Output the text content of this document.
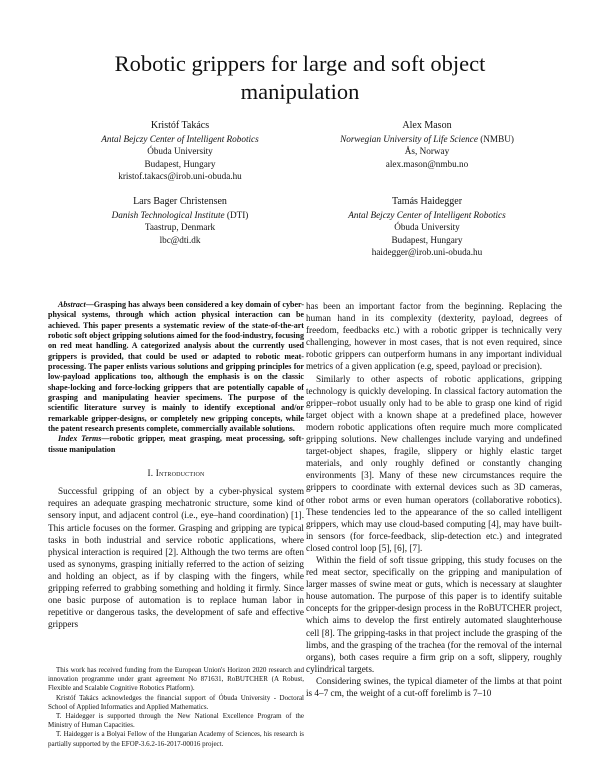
Robotic grippers for large and soft object
manipulation
Kristóf Takács
Antal Bejczy Center of Intelligent Robotics
Óbuda University
Budapest, Hungary
kristof.takacs@irob.uni-obuda.hu
Alex Mason
Norwegian University of Life Science (NMBU)
Ås, Norway
alex.mason@nmbu.no
Lars Bager Christensen
Danish Technological Institute (DTI)
Taastrup, Denmark
lbc@dti.dk
Tamás Haidegger
Antal Bejczy Center of Intelligent Robotics
Óbuda University
Budapest, Hungary
haidegger@irob.uni-obuda.hu

Abstract—Grasping has always been considered a key domain of cyber-physical systems, through which action physical interaction can be achieved. This paper presents a systematic review of the state-of-the-art robotic soft object gripping solutions aimed for the food-industry, focusing on red meat handling. A categorized analysis about the currently used grippers is provided, that could be used or adapted to robotic meat-processing. The paper enlists various solutions and gripping principles for low-payload applications too, although the emphasis is on the classic shape-locking and force-locking grippers that are potentially capable of grasping and manipulating heavier specimens. The purpose of the scientific literature survey is mainly to identify exceptional and/or remarkable gripper-designs, or completely new gripping concepts, while the patent research presents complete, commercially available solutions.

Index Terms—robotic gripper, meat grasping, meat processing, soft-tissue manipulation

I. Introduction

Successful gripping of an object by a cyber-physical system requires an adequate grasping mechatronic structure, some kind of sensory input, and adjacent control (i.e., eye–hand coordination) [1]. This article focuses on the former. Grasping and gripping are typical tasks in both industrial and service robotic applications, where physical interaction is required [2]. Although the two terms are often used as synonyms, grasping initially referred to the action of seizing and holding an object, as if by clasping with the fingers, while gripping referred to grabbing something and holding it firmly. Since one basic purpose of automation is to replace human labor in repetitive or dangerous tasks, the development of safe and effective grippers

This work has received funding from the European Union's Horizon 2020 research and innovation programme under grant agreement No 871631, RoBUTCHER (A Robust, Flexible and Scalable Cognitive Robotics Platform).

Kristóf Takács acknowledges the financial support of Óbuda University - Doctoral School of Applied Informatics and Applied Mathematics.

T. Haidegger is supported through the New National Excellence Program of the Ministry of Human Capacities.

T. Haidegger is a Bolyai Fellow of the Hungarian Academy of Sciences, his research is partially supported by the EFOP-3.6.2-16-2017-00016 project.

has been an important factor from the beginning. Replacing the human hand in its complexity (dexterity, payload, degrees of freedom, feedbacks etc.) with a robotic gripper is technically very challenging, however in most cases, that is not even required, since robotic grippers can outperform humans in any important individual metrics of a given application (e.g, speed, payload or precision).

Similarly to other aspects of robotic applications, gripping technology is quickly developing. In classical factory automation the gripper–robot usually only had to be able to grasp one kind of rigid target object with a known shape at a predefined place, however modern robotic applications often require much more complicated gripping solutions. New challenges include varying and undefined target-object shapes, fragile, slippery or highly elastic target materials, and only roughly defined or constantly changing environments [3]. Many of these new circumstances require the grippers to coordinate with external devices such as 3D cameras, other robot arms or even human operators (collaborative robotics). These tendencies led to the appearance of the so called intelligent grippers, which may use cloud-based computing [4], may have built-in sensors (for force-feedback, slip-detection etc.) and integrated closed control loop [5], [6], [7].

Within the field of soft tissue gripping, this study focuses on the red meat sector, specifically on the gripping and manipulation of larger masses of swine meat or guts, which is necessary at slaughter house automation. The purpose of this paper is to identify suitable concepts for the gripper-design process in the RoBUTCHER project, which aims to develop the first entirely automated slaughterhouse cell [8]. The gripping-tasks in that project include the grasping of the limbs, and the grasping of the trachea (for the removal of the internal organs), both cases require a firm grip on a soft, slippery, roughly cylindrical targets.

Considering swines, the typical diameter of the limbs at that point is 4–7 cm, the weight of a cut-off forelimb is 7–10
